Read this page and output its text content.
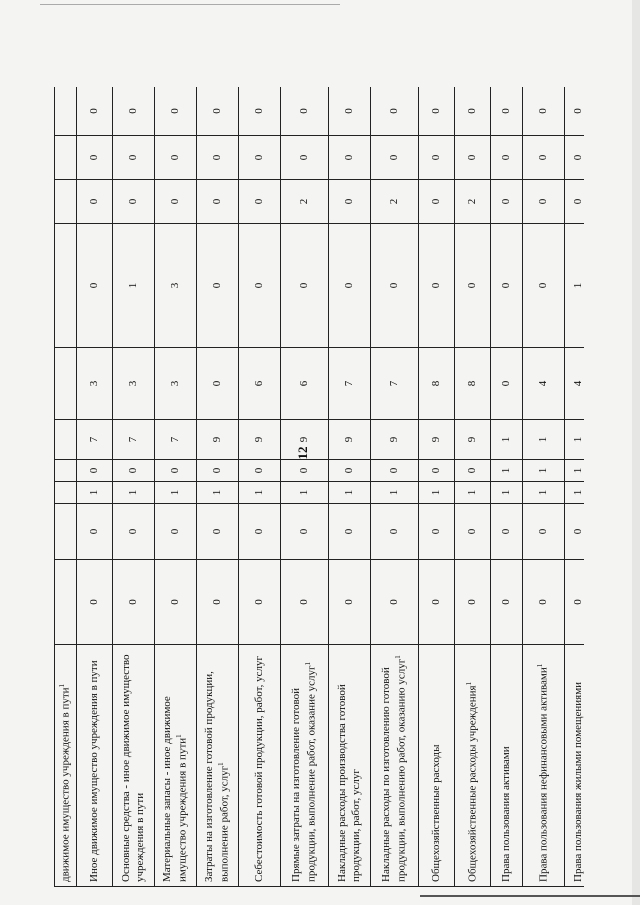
12
движимое имущество учреждения в пути$^1$										
Иное движимое имущество учреждения в пути	0	0	1	0	7	3	0	0	0	0
Основные средства - иное движимое имущество учреждения в пути	0	0	1	0	7	3	1	0	0	0
Материальные запасы - иное движимое имущество учреждения в пути$^1$	0	0	1	0	7	3	3	0	0	0
Затраты на изготовление готовой продукции, выполнение работ, услуг$^1$	0	0	1	0	9	0	0	0	0	0
Себестоимость готовой продукции, работ, услуг	0	0	1	0	9	6	0	0	0	0
Прямые затраты на изготовление готовой продукции, выполнение работ, оказание услуг$^1$	0	0	1	0	9	6	0	2	0	0
Накладные расходы производства готовой продукции, работ, услуг	0	0	1	0	9	7	0	0	0	0
Накладные расходы по изготовлению готовой продукции, выполнению работ, оказанию услуг$^1$	0	0	1	0	9	7	0	2	0	0
Общехозяйственные расходы	0	0	1	0	9	8	0	0	0	0
Общехозяйственные расходы учреждения$^1$	0	0	1	0	9	8	0	2	0	0
Права пользования активами	0	0	1	1	1	0	0	0	0	0
Права пользования нефинансовыми активами$^1$	0	0	1	1	1	4	0	0	0	0
Права пользования жилыми помещениями	0	0	1	1	1	4	1	0	0	0
